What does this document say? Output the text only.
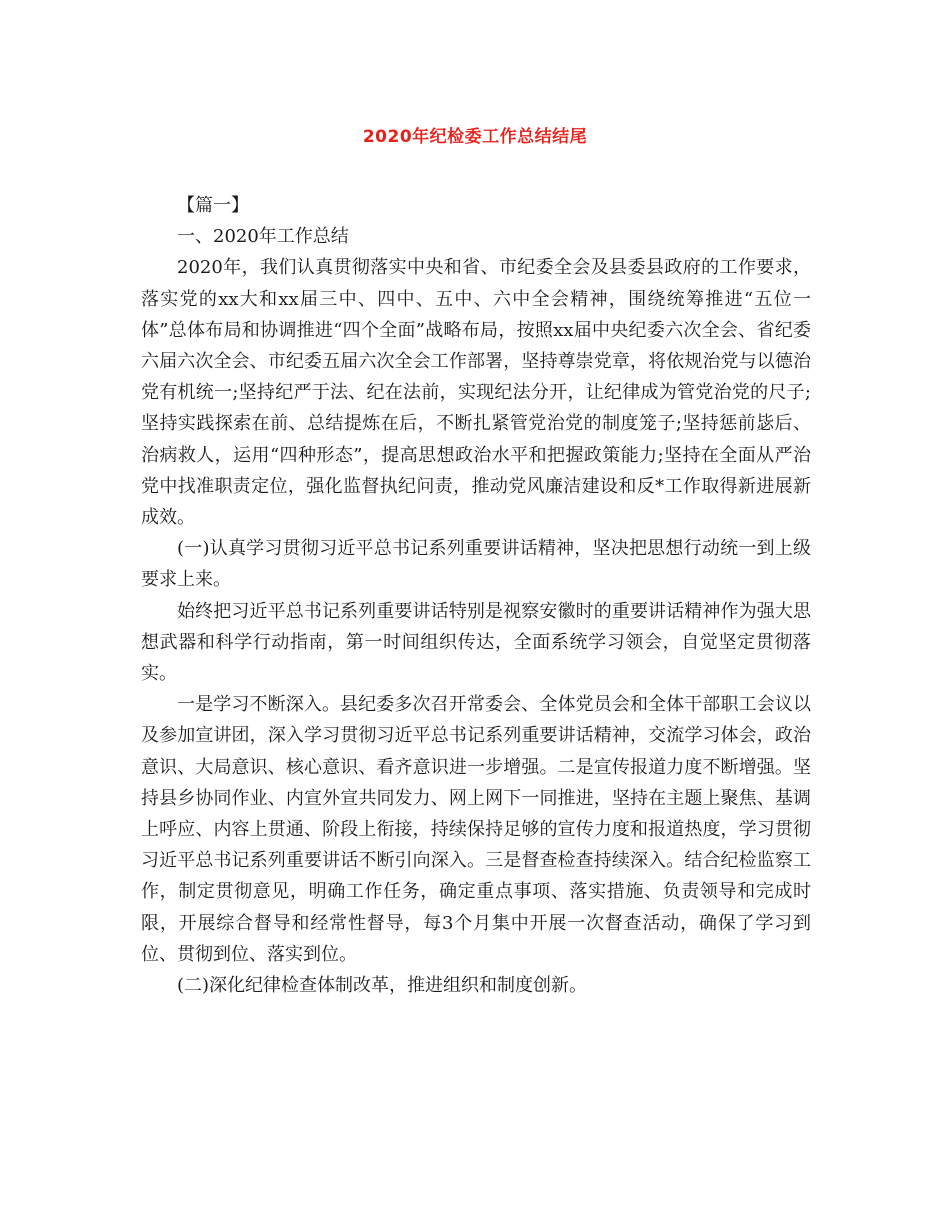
2020年纪检委工作总结结尾

【篇一】

一、2020年工作总结

2020年，我们认真贯彻落实中央和省、市纪委全会及县委县政府的工作要求，落实党的xx大和xx届三中、四中、五中、六中全会精神，围绕统筹推进“五位一体”总体布局和协调推进“四个全面”战略布局，按照xx届中央纪委六次全会、省纪委六届六次全会、市纪委五届六次全会工作部署，坚持尊崇党章，将依规治党与以德治党有机统一;坚持纪严于法、纪在法前，实现纪法分开，让纪律成为管党治党的尺子;坚持实践探索在前、总结提炼在后，不断扎紧管党治党的制度笼子;坚持惩前毖后、治病救人，运用“四种形态”，提高思想政治水平和把握政策能力;坚持在全面从严治党中找准职责定位，强化监督执纪问责，推动党风廉洁建设和反*工作取得新进展新成效。

(一)认真学习贯彻习近平总书记系列重要讲话精神，坚决把思想行动统一到上级要求上来。

始终把习近平总书记系列重要讲话特别是视察安徽时的重要讲话精神作为强大思想武器和科学行动指南，第一时间组织传达，全面系统学习领会，自觉坚定贯彻落实。

一是学习不断深入。县纪委多次召开常委会、全体党员会和全体干部职工会议以及参加宣讲团，深入学习贯彻习近平总书记系列重要讲话精神，交流学习体会，政治意识、大局意识、核心意识、看齐意识进一步增强。二是宣传报道力度不断增强。坚持县乡协同作业、内宣外宣共同发力、网上网下一同推进，坚持在主题上聚焦、基调上呼应、内容上贯通、阶段上衔接，持续保持足够的宣传力度和报道热度，学习贯彻习近平总书记系列重要讲话不断引向深入。三是督查检查持续深入。结合纪检监察工作，制定贯彻意见，明确工作任务，确定重点事项、落实措施、负责领导和完成时限，开展综合督导和经常性督导，每3个月集中开展一次督查活动，确保了学习到位、贯彻到位、落实到位。

(二)深化纪律检查体制改革，推进组织和制度创新。
